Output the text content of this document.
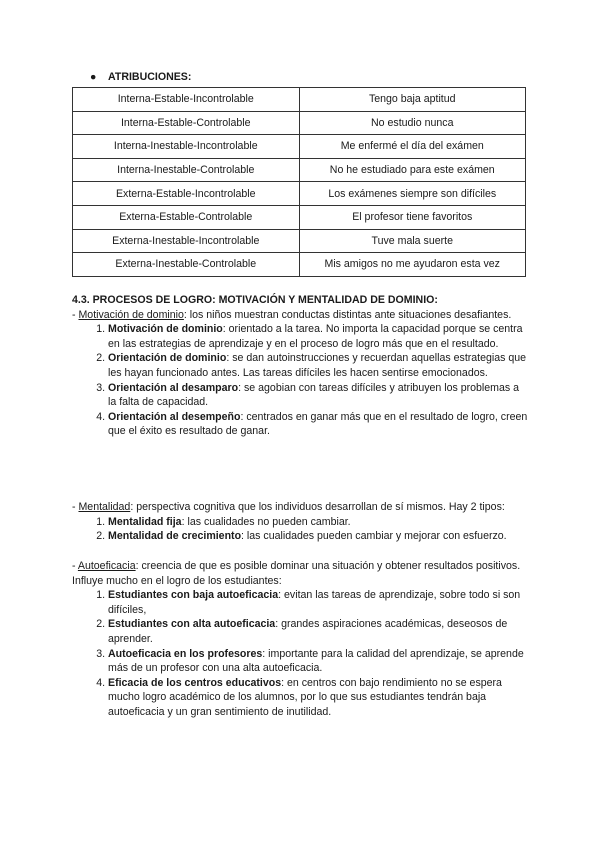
● ATRIBUCIONES:
Interna-Estable-Incontrolable	Tengo baja aptitud
Interna-Estable-Controlable	No estudio nunca
Interna-Inestable-Incontrolable	Me enfermé el día del exámen
Interna-Inestable-Controlable	No he estudiado para este exámen
Externa-Estable-Incontrolable	Los exámenes siempre son difíciles
Externa-Estable-Controlable	El profesor tiene favoritos
Externa-Inestable-Incontrolable	Tuve mala suerte
Externa-Inestable-Controlable	Mis amigos no me ayudaron esta vez

4.3. PROCESOS DE LOGRO: MOTIVACIÓN Y MENTALIDAD DE DOMINIO:

- Motivación de dominio: los niños muestran conductas distintas ante situaciones desafiantes.

1. Motivación de dominio: orientado a la tarea. No importa la capacidad porque se centra en las estrategias de aprendizaje y en el proceso de logro más que en el resultado.
2. Orientación de dominio: se dan autoinstrucciones y recuerdan aquellas estrategias que les hayan funcionado antes. Las tareas difíciles les hacen sentirse emocionados.
3. Orientación al desamparo: se agobian con tareas difíciles y atribuyen los problemas a la falta de capacidad.
4. Orientación al desempeño: centrados en ganar más que en el resultado de logro, creen que el éxito es resultado de ganar.

- Mentalidad: perspectiva cognitiva que los individuos desarrollan de sí mismos. Hay 2 tipos:

1. Mentalidad fija: las cualidades no pueden cambiar.
2. Mentalidad de crecimiento: las cualidades pueden cambiar y mejorar con esfuerzo.

- Autoeficacia: creencia de que es posible dominar una situación y obtener resultados positivos. Influye mucho en el logro de los estudiantes:

1. Estudiantes con baja autoeficacia: evitan las tareas de aprendizaje, sobre todo si son difíciles,
2. Estudiantes con alta autoeficacia: grandes aspiraciones académicas, deseosos de aprender.
3. Autoeficacia en los profesores: importante para la calidad del aprendizaje, se aprende más de un profesor con una alta autoeficacia.
4. Eficacia de los centros educativos: en centros con bajo rendimiento no se espera mucho logro académico de los alumnos, por lo que sus estudiantes tendrán baja autoeficacia y un gran sentimiento de inutilidad.
